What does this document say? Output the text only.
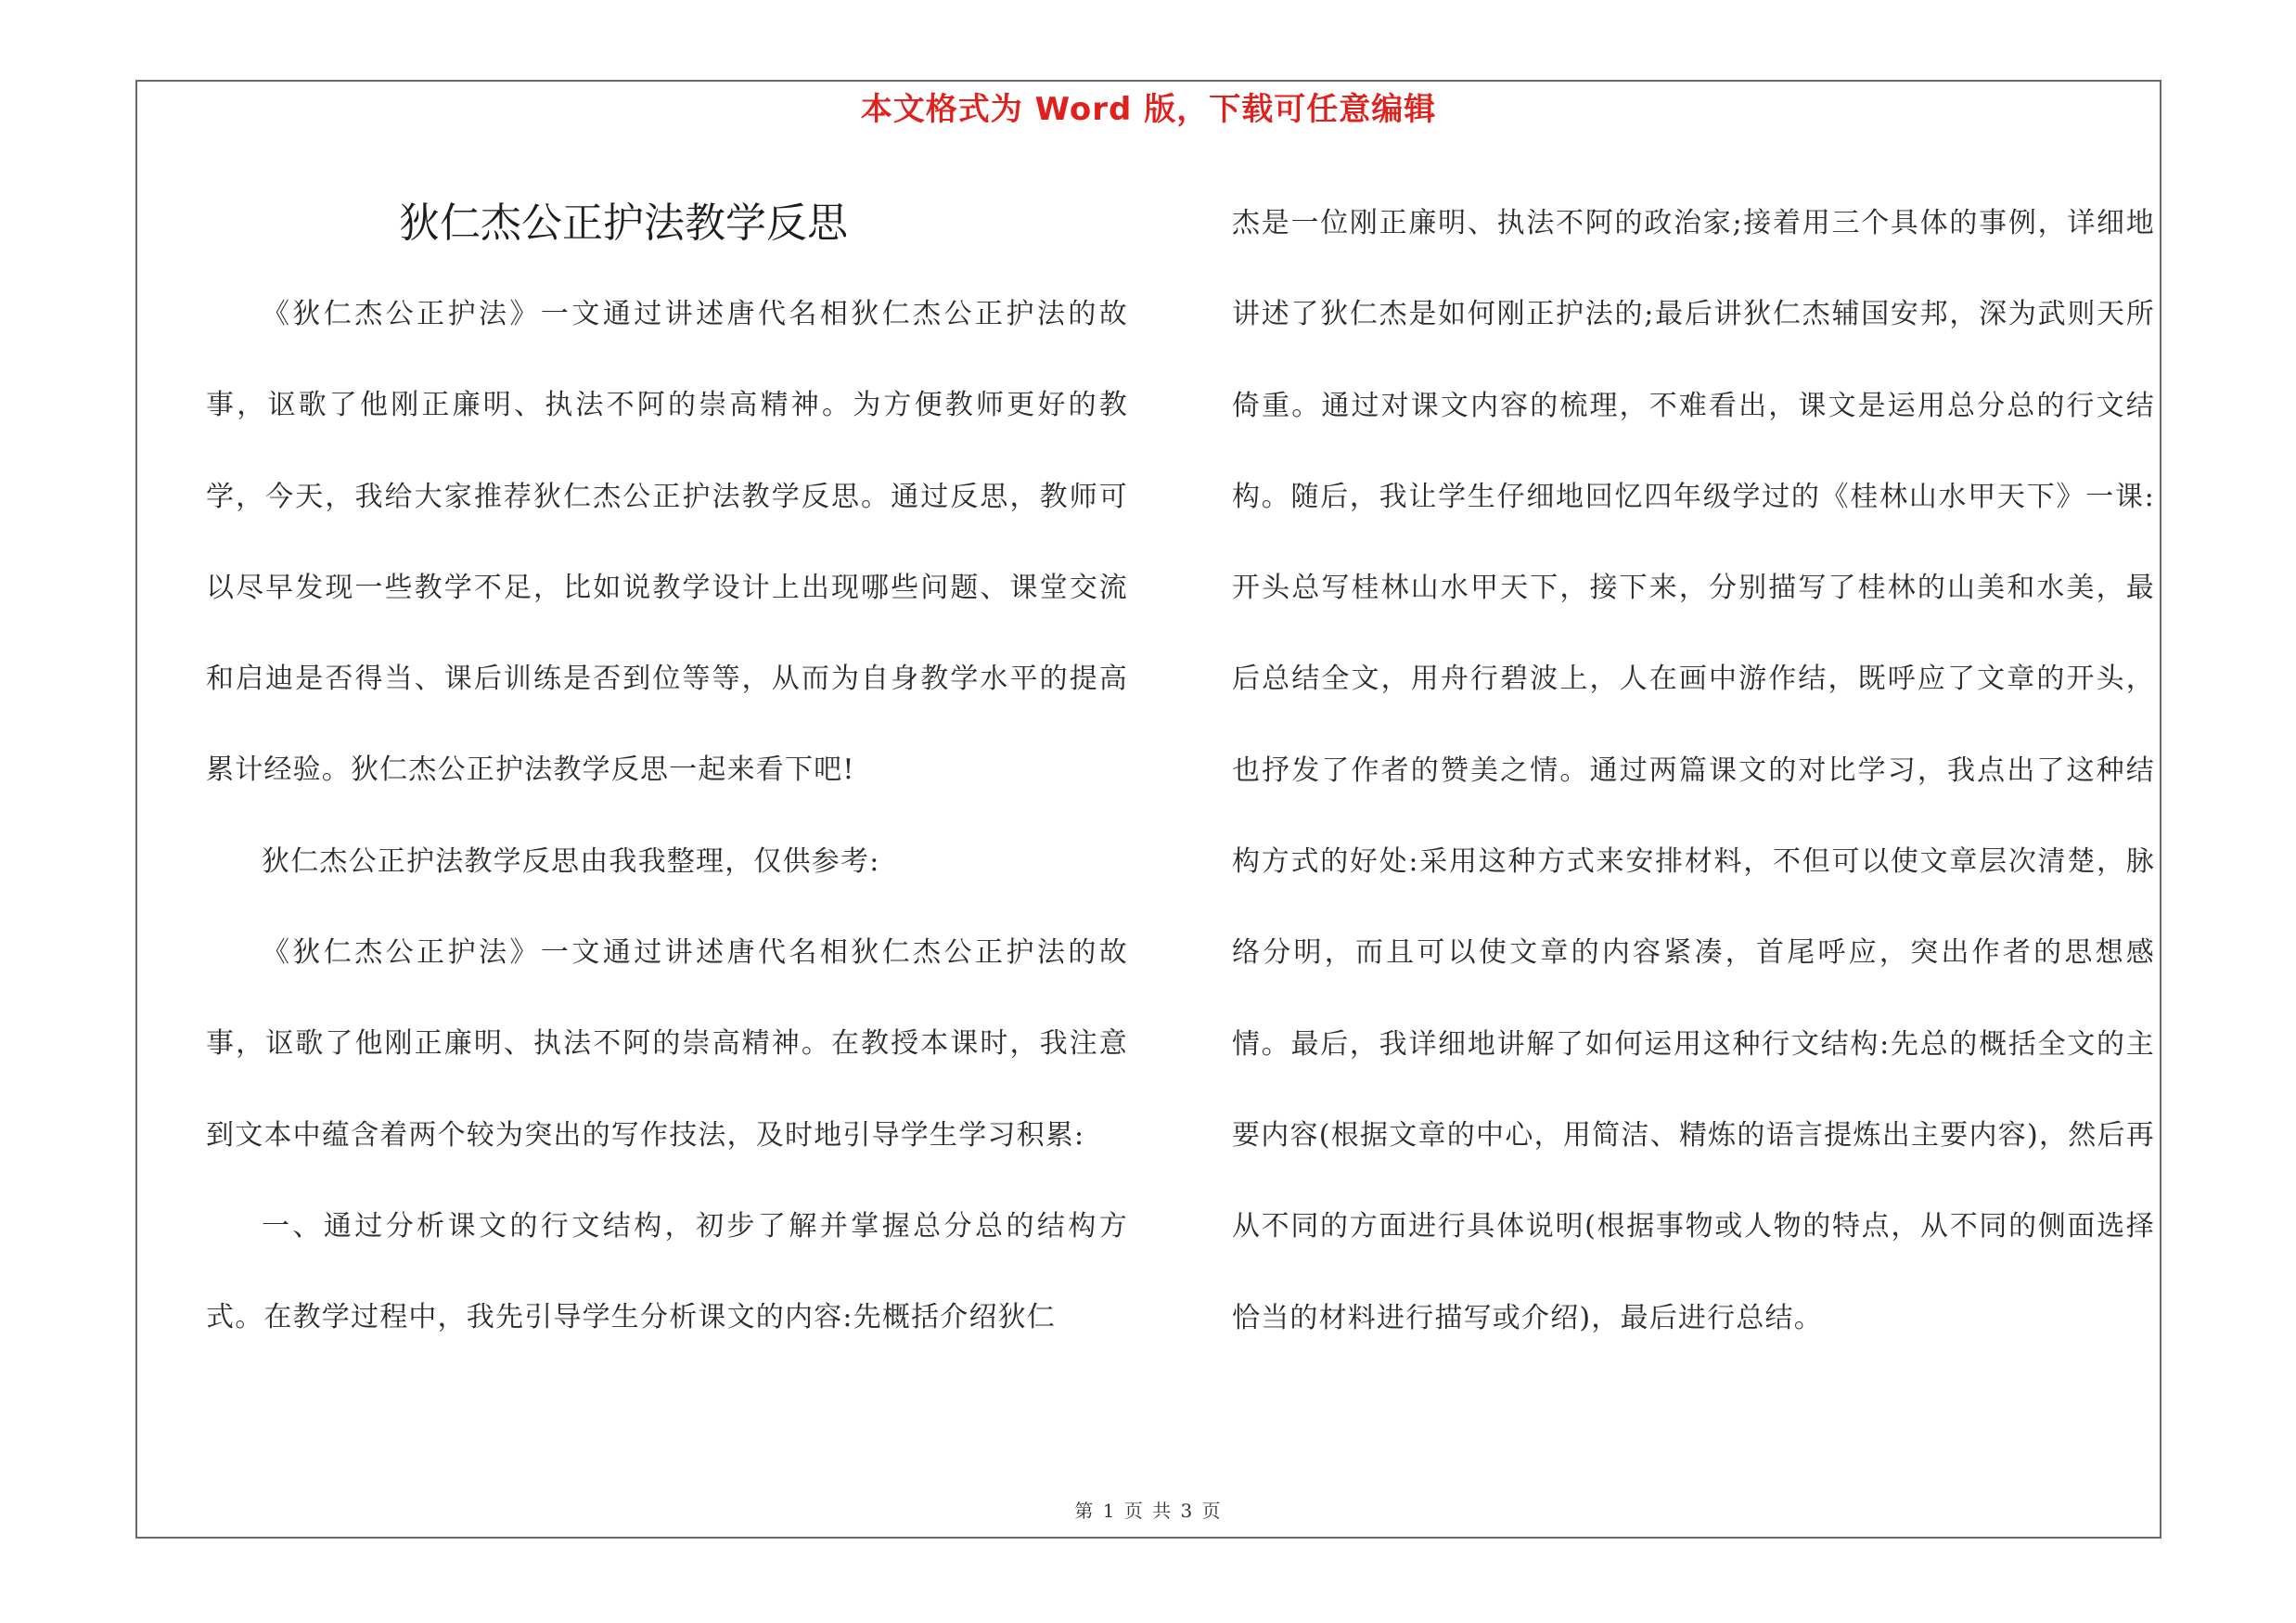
本文格式为 Word 版，下载可任意编辑
狄仁杰公正护法教学反思

《狄仁杰公正护法》一文通过讲述唐代名相狄仁杰公正护法的故事，讴歌了他刚正廉明、执法不阿的崇高精神。为方便教师更好的教学，今天，我给大家推荐狄仁杰公正护法教学反思。通过反思，教师可以尽早发现一些教学不足，比如说教学设计上出现哪些问题、课堂交流和启迪是否得当、课后训练是否到位等等，从而为自身教学水平的提高累计经验。狄仁杰公正护法教学反思一起来看下吧!

狄仁杰公正护法教学反思由我我整理，仅供参考:

《狄仁杰公正护法》一文通过讲述唐代名相狄仁杰公正护法的故事，讴歌了他刚正廉明、执法不阿的崇高精神。在教授本课时，我注意到文本中蕴含着两个较为突出的写作技法，及时地引导学生学习积累:

一、通过分析课文的行文结构，初步了解并掌握总分总的结构方式。在教学过程中，我先引导学生分析课文的内容:先概括介绍狄仁

杰是一位刚正廉明、执法不阿的政治家;接着用三个具体的事例，详细地讲述了狄仁杰是如何刚正护法的;最后讲狄仁杰辅国安邦，深为武则天所倚重。通过对课文内容的梳理，不难看出，课文是运用总分总的行文结构。随后，我让学生仔细地回忆四年级学过的《桂林山水甲天下》一课:开头总写桂林山水甲天下，接下来，分别描写了桂林的山美和水美，最后总结全文，用舟行碧波上，人在画中游作结，既呼应了文章的开头，也抒发了作者的赞美之情。通过两篇课文的对比学习，我点出了这种结构方式的好处:采用这种方式来安排材料，不但可以使文章层次清楚，脉络分明，而且可以使文章的内容紧凑，首尾呼应，突出作者的思想感情。最后，我详细地讲解了如何运用这种行文结构:先总的概括全文的主要内容(根据文章的中心，用简洁、精炼的语言提炼出主要内容)，然后再从不同的方面进行具体说明(根据事物或人物的特点，从不同的侧面选择恰当的材料进行描写或介绍)，最后进行总结。

第 1 页 共 3 页
